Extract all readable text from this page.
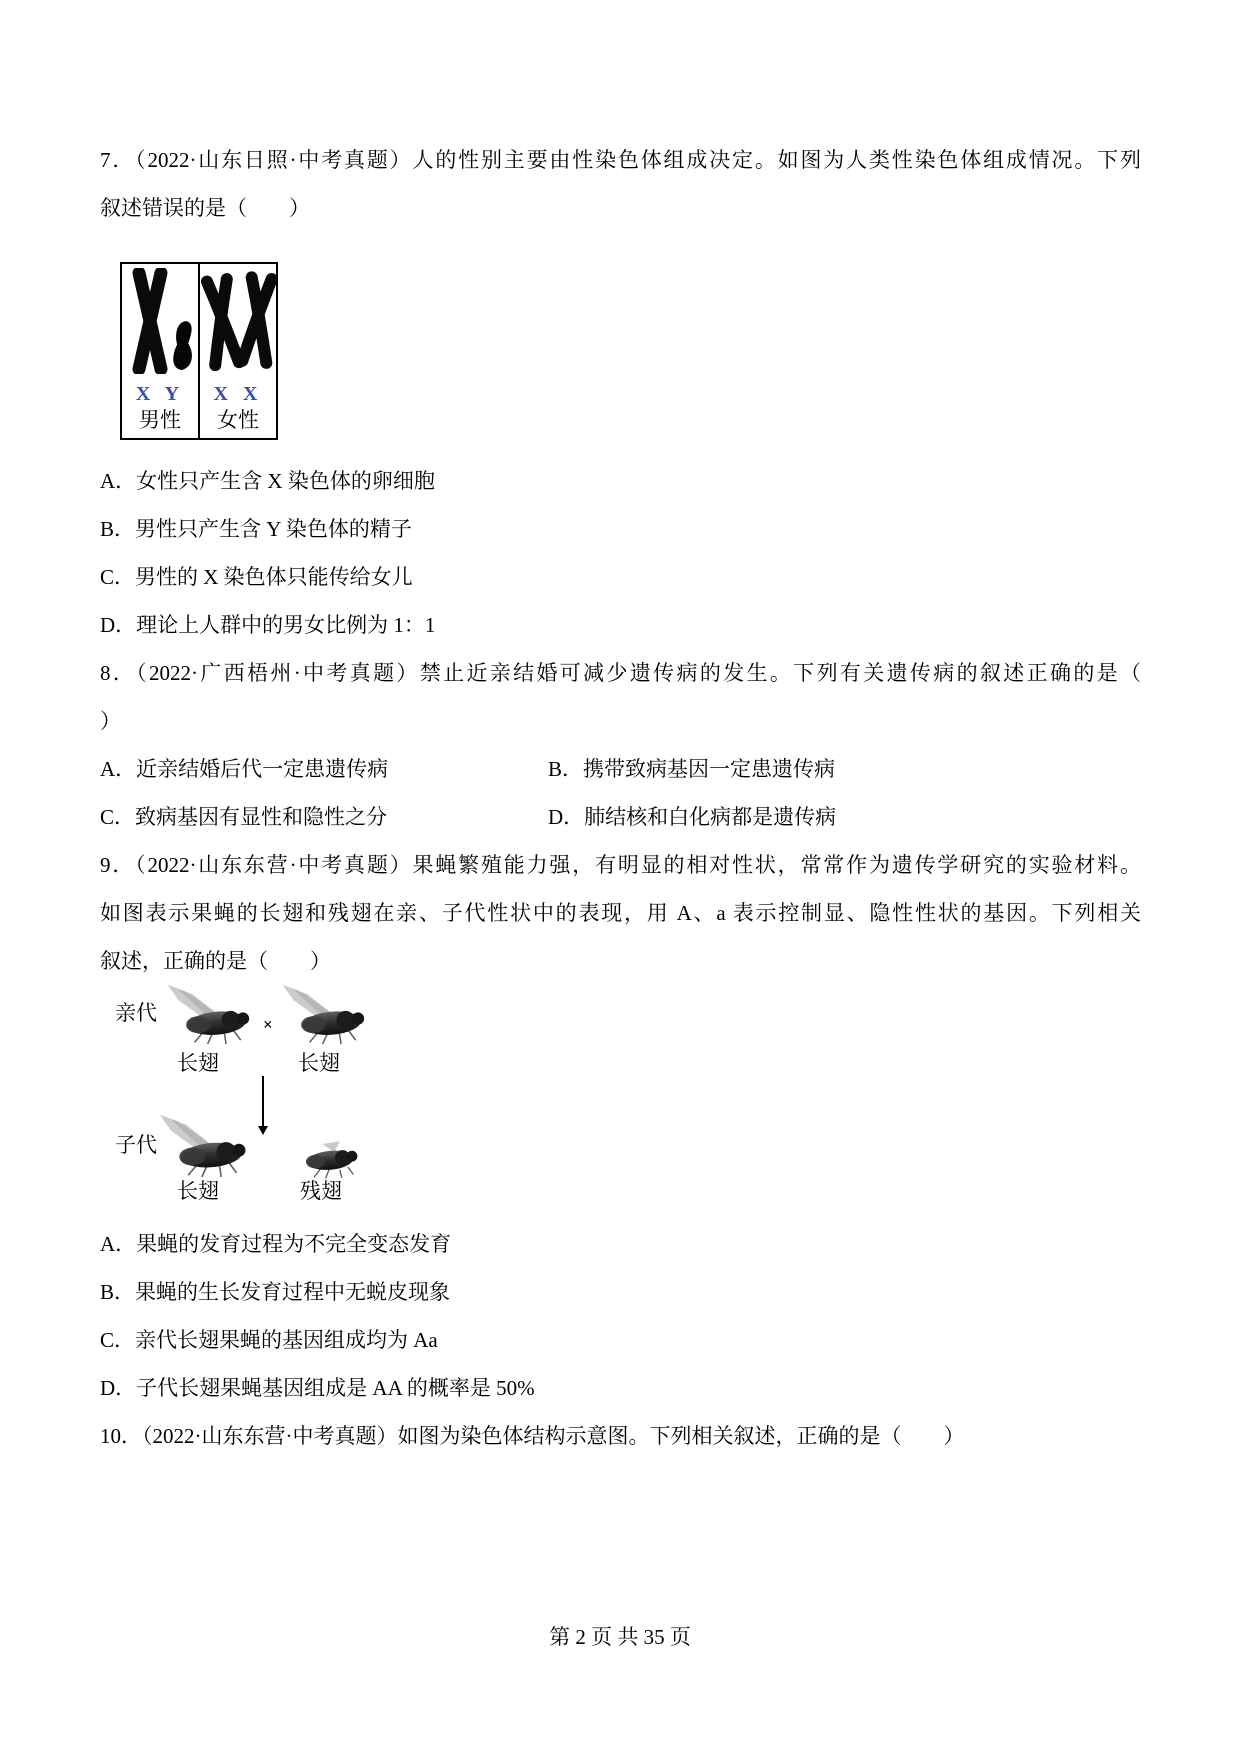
7．（2022·山东日照·中考真题）人的性别主要由性染色体组成决定。如图为人类性染色体组成情况。下列
叙述错误的是（　　）
X Y
男性
X X
女性
A．女性只产生含 X 染色体的卵细胞
B．男性只产生含 Y 染色体的精子
C．男性的 X 染色体只能传给女儿
D．理论上人群中的男女比例为 1：1
8．（2022·广西梧州·中考真题）禁止近亲结婚可减少遗传病的发生。下列有关遗传病的叙述正确的是（
）
A．近亲结婚后代一定患遗传病	B．携带致病基因一定患遗传病
C．致病基因有显性和隐性之分	D．肺结核和白化病都是遗传病
9．（2022·山东东营·中考真题）果蝇繁殖能力强，有明显的相对性状，常常作为遗传学研究的实验材料。
如图表示果蝇的长翅和残翅在亲、子代性状中的表现，用 A、a 表示控制显、隐性性状的基因。下列相关
叙述，正确的是（　　）
亲代	×
长翅	长翅
子代
长翅	残翅
A．果蝇的发育过程为不完全变态发育
B．果蝇的生长发育过程中无蜕皮现象
C．亲代长翅果蝇的基因组成均为 Aa
D．子代长翅果蝇基因组成是 AA 的概率是 50%
10．（2022·山东东营·中考真题）如图为染色体结构示意图。下列相关叙述，正确的是（　　）
第 2 页 共 35 页
